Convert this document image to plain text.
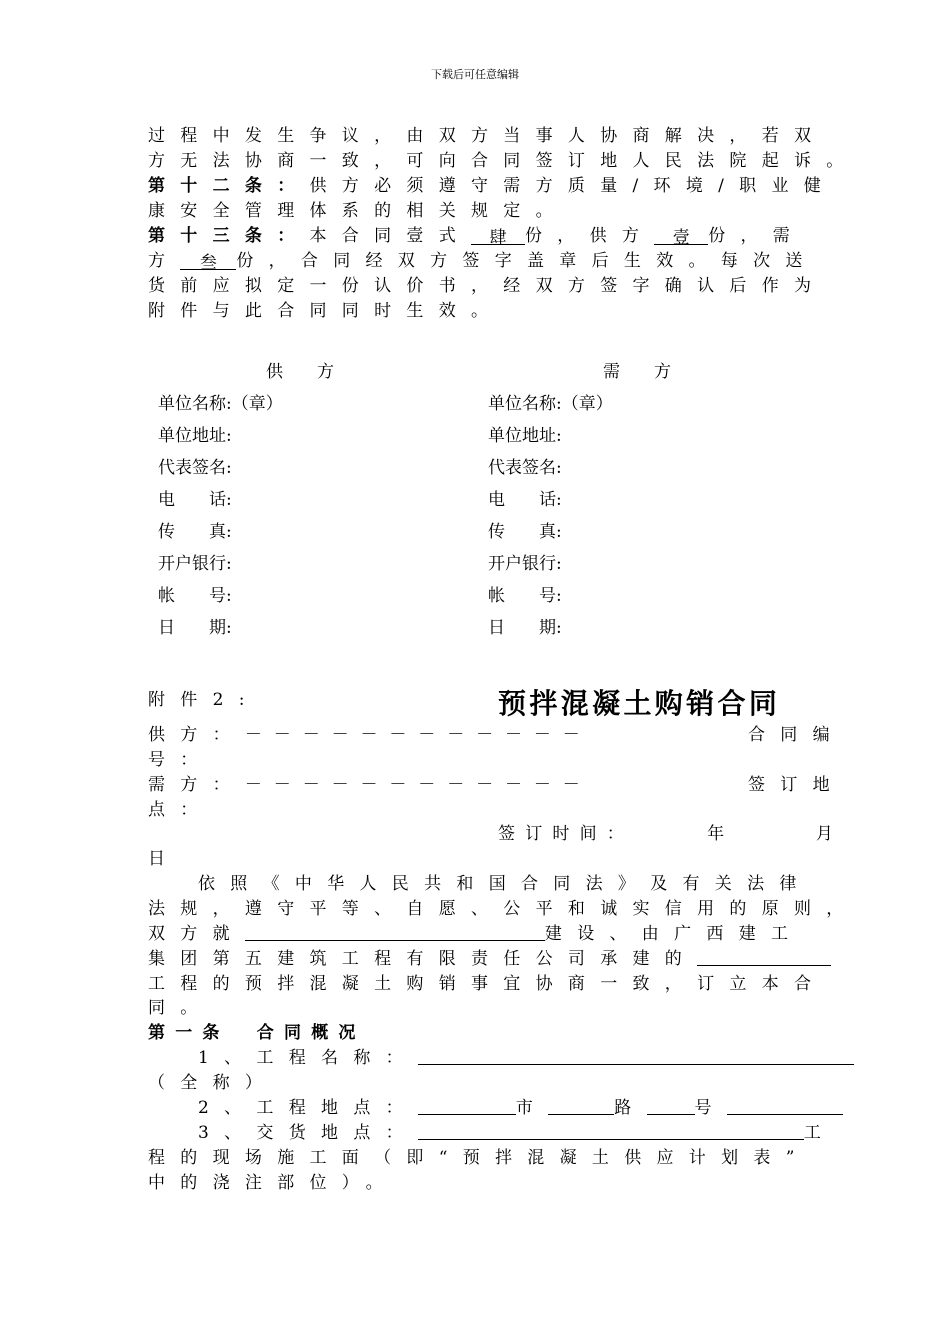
下载后可任意编辑
过程中发生争议，由双方当事人协商解决，若双
方无法协商一致，可向合同签订地人民法院起诉。
第十二条：供方必须遵守需方质量/环境/职业健
康安全管理体系的相关规定。
第十三条：本合同壹式 肆 份，供方 壹 份，需
方 叁 份，合同经双方签字盖章后生效。每次送
货前应拟定一份认价书，经双方签字确认后作为
附件与此合同同时生效。
供　　方	需　　方
单位名称:（章）	单位名称:（章）
单位地址:	单位地址:
代表签名:	代表签名:
电　　话:	电　　话:
传　　真:	传　　真:
开户银行:	开户银行:
帐　　号:	帐　　号:
日　　期:	日　　期:
附件2:	预拌混凝土购销合同
供方：－－－－－－－－－－－－	合同编
号：
需方：－－－－－－－－－－－－	签订地
点：
签订时间：　　　年　　　月
日
依照《中华人民共和国合同法》及有关法律
法规，遵守平等、自愿、公平和诚实信用的原则，
双方就	建设、由广西建工
集团第五建筑工程有限责任公司承建的
工程的预拌混凝土购销事宜协商一致，订立本合
同。
第一条　合同概况
1、工程名称：
（全称）
2、工程地点：	市	路	号
3、交货地点：	工
程的现场施工面（即“预拌混凝土供应计划表”
中的浇注部位）。
